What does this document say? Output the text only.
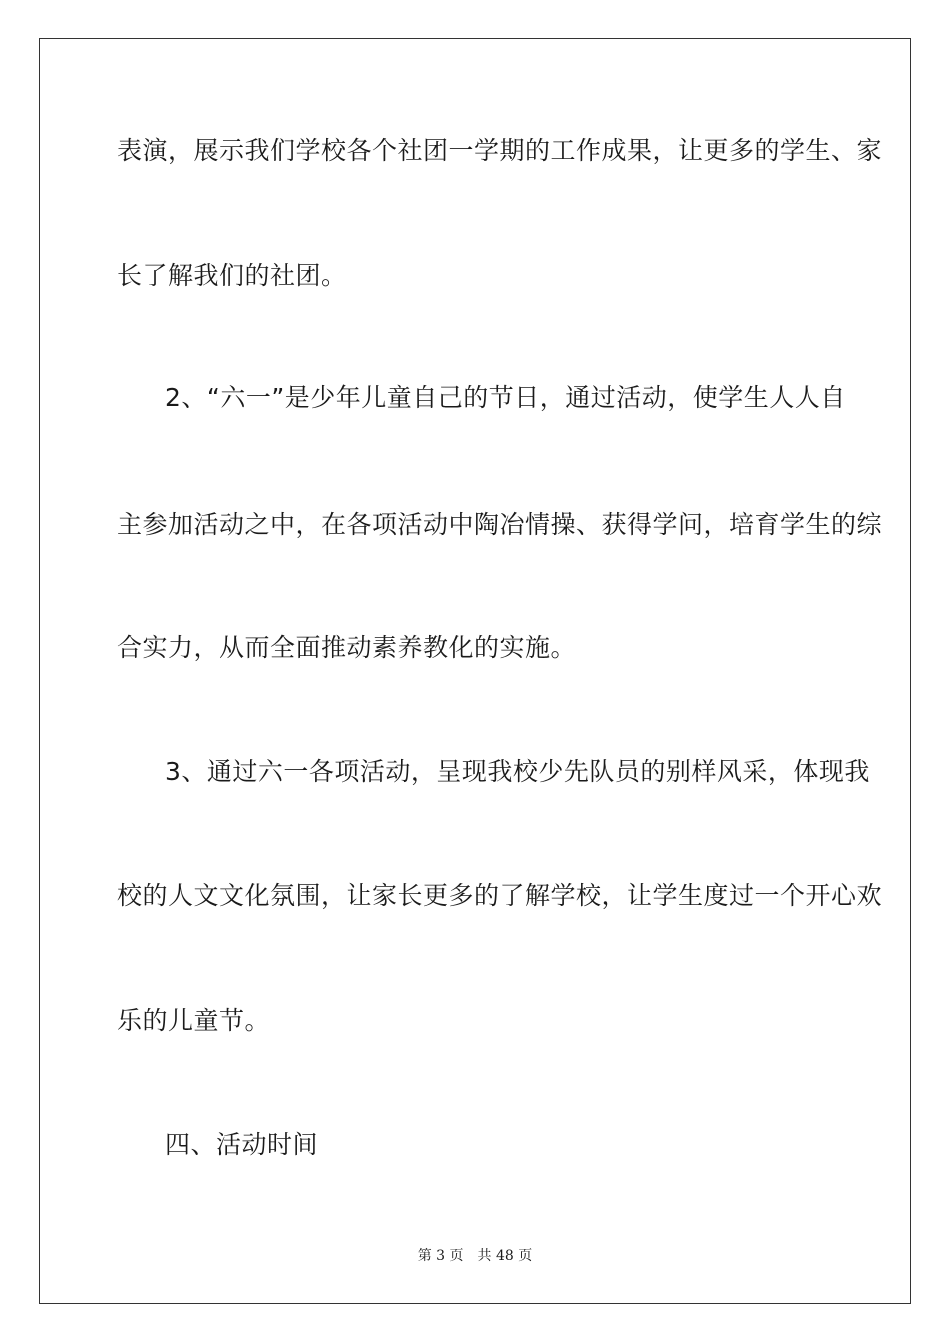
表演，展示我们学校各个社团一学期的工作成果，让更多的学生、家
长了解我们的社团。
2、“六一”是少年儿童自己的节日，通过活动，使学生人人自
主参加活动之中，在各项活动中陶冶情操、获得学问，培育学生的综
合实力，从而全面推动素养教化的实施。
3、通过六一各项活动，呈现我校少先队员的别样风采，体现我
校的人文文化氛围，让家长更多的了解学校，让学生度过一个开心欢
乐的儿童节。
四、活动时间
第 3 页　共 48 页
